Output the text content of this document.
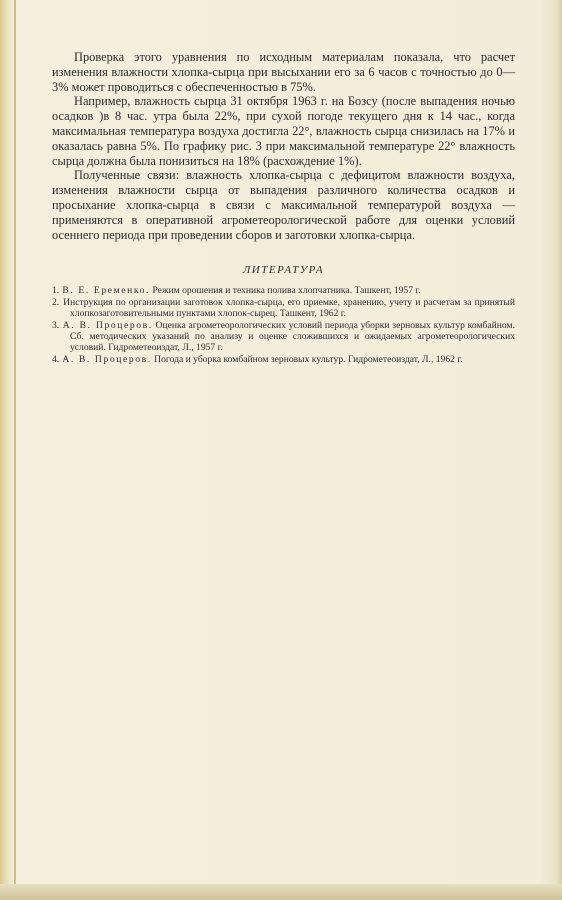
Проверка этого уравнения по исходным материалам показала, что расчет изменения влажности хлопка-сырца при высыхании его за 6 часов с точностью до 0—3% может проводиться с обеспеченностью в 75%.

Например, влажность сырца 31 октября 1963 г. на Бозсу (после выпадения ночью осадков )в 8 час. утра была 22%, при сухой погоде текущего дня к 14 час., когда максимальная температура воздуха достигла 22°, влажность сырца снизилась на 17% и оказалась равна 5%. По графику рис. 3 при максимальной температуре 22° влажность сырца должна была понизиться на 18% (расхождение 1%).

Полученные связи: влажность хлопка-сырца с дефицитом влажности воздуха, изменения влажности сырца от выпадения различного количества осадков и просыхание хлопка-сырца в связи с максимальной температурой воздуха — применяются в оперативной агрометеорологической работе для оценки условий осеннего периода при проведении сборов и заготовки хлопка-сырца.

ЛИТЕРАТУРА
1. В. Е. Еременко. Режим орошения и техника полива хлопчатника. Ташкент, 1957 г.
2. Инструкция по организации заготовок хлопка-сырца, его приемке, хранению, учету и расчетам за принятый хлопкозаготовительными пунктами хлопок-сырец. Ташкент, 1962 г.
3. А. В. Процеров. Оценка агрометеорологических условий периода уборки зерновых культур комбайном. Сб. методических указаний по анализу и оценке сложившихся и ожидаемых агрометеорологических условий. Гидрометеоиздат, Л., 1957 г.
4. А. В. Процеров. Погода и уборка комбайном зерновых культур. Гидрометеоиздат, Л., 1962 г.
